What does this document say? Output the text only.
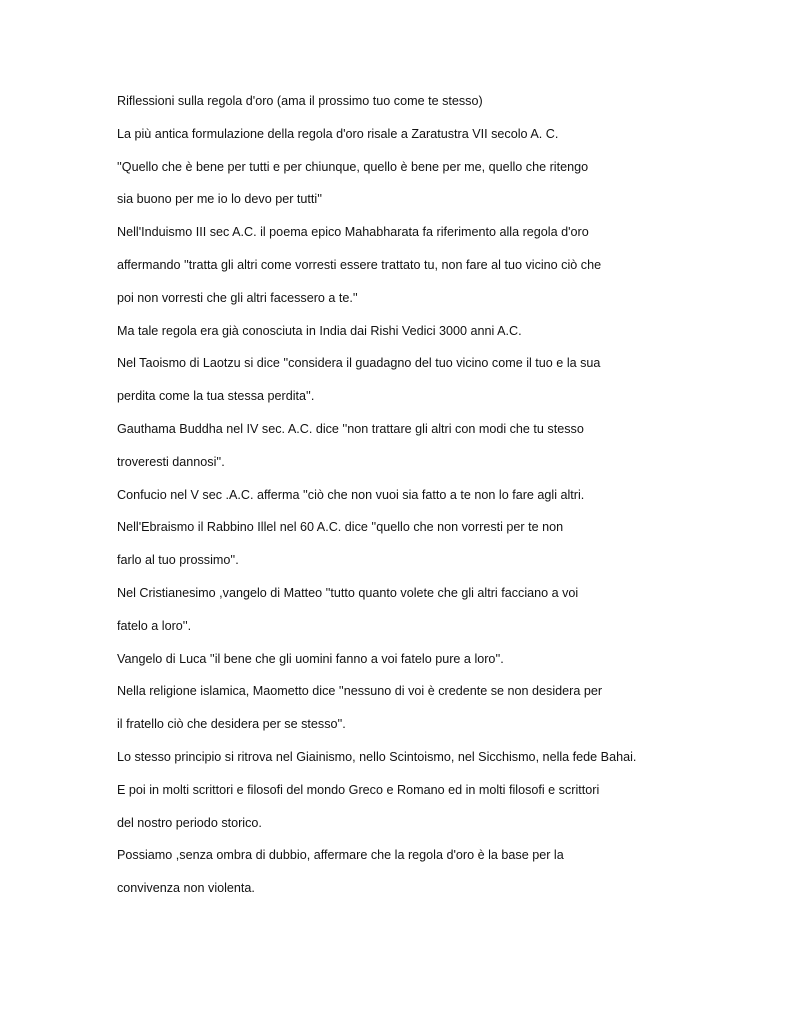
Riflessioni sulla regola d'oro (ama il prossimo tuo come te stesso)
La più antica formulazione della regola d'oro risale a Zaratustra VII secolo A. C.
''Quello che è bene per tutti e per chiunque, quello è bene per me, quello che ritengo
sia buono per me io lo devo per tutti''
Nell'Induismo III sec A.C. il poema epico Mahabharata fa riferimento alla regola d'oro
affermando ''tratta gli altri come vorresti essere trattato tu, non fare al tuo vicino ciò che
poi non vorresti che gli altri facessero a te.''
Ma tale regola era già conosciuta in India dai Rishi Vedici 3000 anni A.C.
Nel Taoismo di Laotzu si dice ''considera il guadagno del tuo vicino come il tuo e la sua
perdita come la tua stessa perdita''.
Gauthama Buddha nel IV sec. A.C. dice ''non trattare gli altri con modi che tu stesso
troveresti dannosi''.
Confucio nel V sec .A.C. afferma ''ciò che non vuoi sia fatto a te non lo fare agli altri.
Nell'Ebraismo il Rabbino Illel nel 60 A.C. dice ''quello che non vorresti per te non
farlo al tuo prossimo''.
Nel Cristianesimo ,vangelo di Matteo ''tutto quanto volete che gli altri facciano a voi
fatelo a loro''.
Vangelo di Luca ''il bene che gli uomini fanno a voi fatelo pure a loro''.
Nella religione islamica, Maometto dice ''nessuno di voi è credente se non desidera per
il fratello ciò che desidera per se stesso''.
Lo stesso principio si ritrova nel Giainismo, nello Scintoismo, nel Sicchismo, nella fede Bahai.
E poi in molti scrittori e filosofi del mondo Greco e Romano ed in molti filosofi e scrittori
del nostro periodo storico.
Possiamo ,senza ombra di dubbio, affermare che la regola d'oro è la base per la
convivenza non violenta.
